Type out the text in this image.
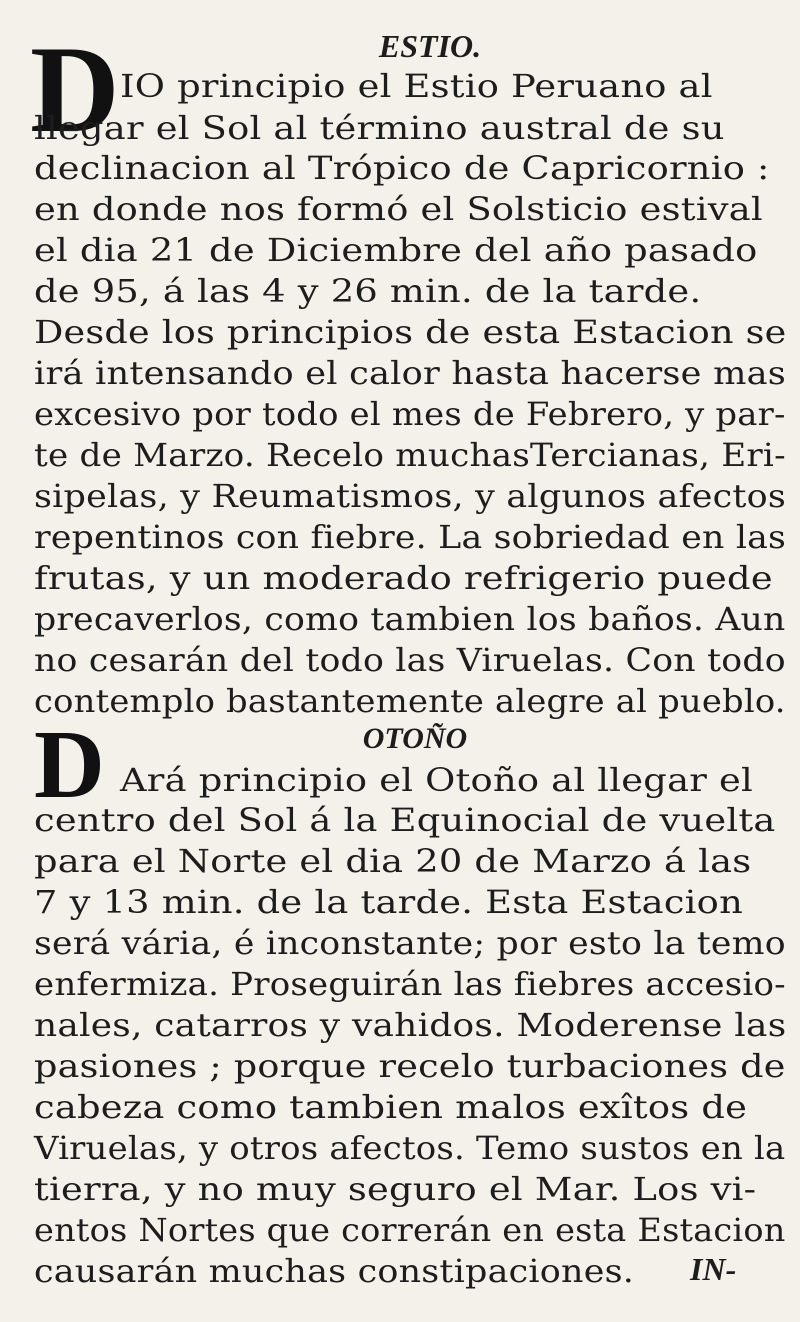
D	ESTIO.
IO principio el Estio Peruano al
llegar el Sol al término austral de su
declinacion al Trópico de Capricornio :
en donde nos formó el Solsticio estival
el dia 21 de Diciembre del año pasado
de 95, á las 4 y 26 min. de la tarde.
Desde los principios de esta Estacion se
irá intensando el calor hasta hacerse mas
excesivo por todo el mes de Febrero, y par-
te de Marzo. Recelo muchasTercianas, Eri-
sipelas, y Reumatismos, y algunos afectos
repentinos con fiebre. La sobriedad en las
frutas, y un moderado refrigerio puede
precaverlos, como tambien los baños. Aun
no cesarán del todo las Viruelas. Con todo
contemplo bastantemente alegre al pueblo.
D	OTOÑO
Ará principio el Otoño al llegar el
centro del Sol á la Equinocial de vuelta
para el Norte el dia 20 de Marzo á las
7 y 13 min. de la tarde. Esta Estacion
será vária, é inconstante; por esto la temo
enfermiza. Proseguirán las fiebres accesio-
nales, catarros y vahidos. Moderense las
pasiones ; porque recelo turbaciones de
cabeza como tambien malos exîtos de
Viruelas, y otros afectos. Temo sustos en la
tierra, y no muy seguro el Mar. Los vi-
entos Nortes que correrán en esta Estacion
causarán muchas constipaciones.	IN-
